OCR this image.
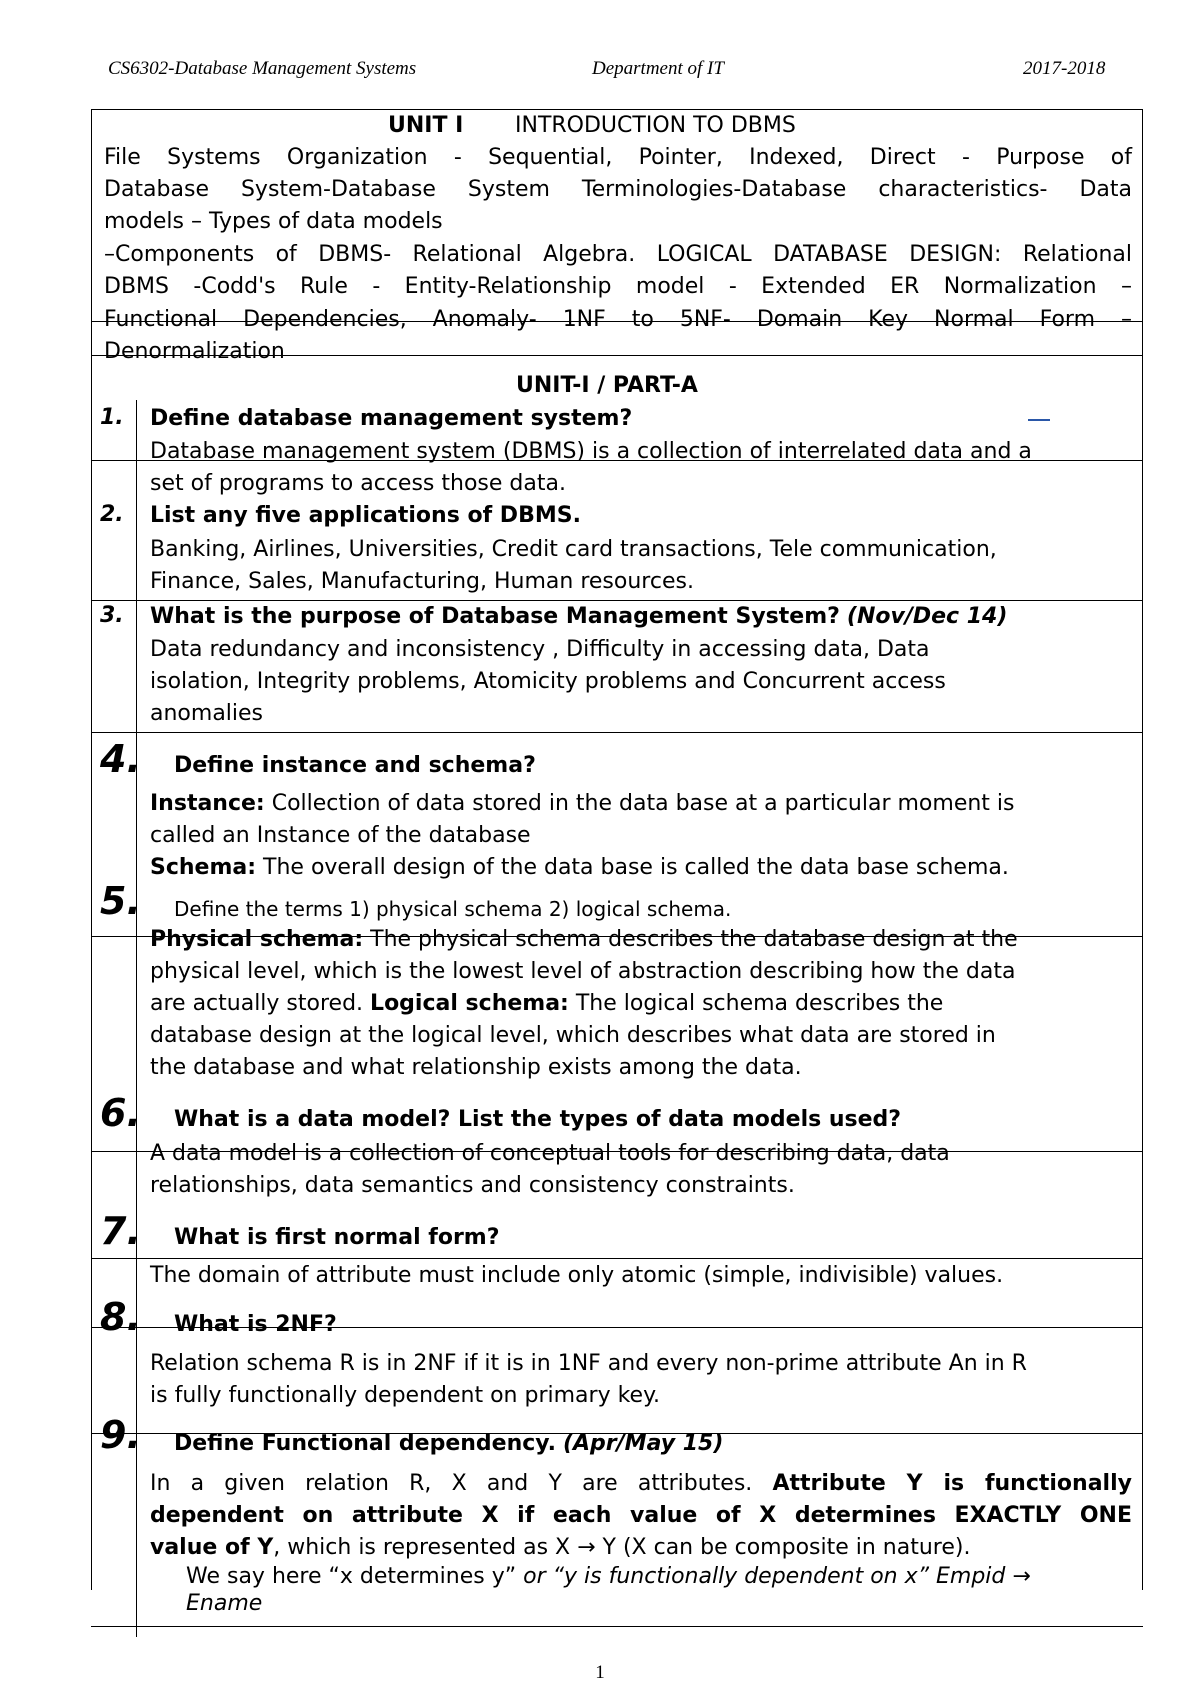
CS6302-Database Management Systems	Department of IT	2017-2018
UNIT I INTRODUCTION TO DBMS
File Systems Organization - Sequential, Pointer, Indexed, Direct - Purpose of
Database System-Database System Terminologies-Database characteristics- Data
models – Types of data models
–Components of DBMS- Relational Algebra. LOGICAL DATABASE DESIGN: Relational
DBMS -Codd's Rule - Entity-Relationship model - Extended ER Normalization –
Functional Dependencies, Anomaly- 1NF to 5NF- Domain Key Normal Form –
Denormalization
UNIT-I / PART-A
1. Define database management system?
Database management system (DBMS) is a collection of interrelated data and a
set of programs to access those data.
2. List any five applications of DBMS.
Banking, Airlines, Universities, Credit card transactions, Tele communication,
Finance, Sales, Manufacturing, Human resources.
3. What is the purpose of Database Management System? (Nov/Dec 14)
Data redundancy and inconsistency , Difficulty in accessing data, Data
isolation, Integrity problems, Atomicity problems and Concurrent access
anomalies
4. Define instance and schema?
Instance: Collection of data stored in the data base at a particular moment is
called an Instance of the database
Schema: The overall design of the data base is called the data base schema.
5. Define the terms 1) physical schema 2) logical schema.
Physical schema: The physical schema describes the database design at the
physical level, which is the lowest level of abstraction describing how the data
are actually stored. Logical schema: The logical schema describes the
database design at the logical level, which describes what data are stored in
the database and what relationship exists among the data.
6. What is a data model? List the types of data models used?
A data model is a collection of conceptual tools for describing data, data
relationships, data semantics and consistency constraints.
7. What is first normal form?
The domain of attribute must include only atomic (simple, indivisible) values.
8. What is 2NF?
Relation schema R is in 2NF if it is in 1NF and every non-prime attribute An in R
is fully functionally dependent on primary key.
9. Define Functional dependency. (Apr/May 15)
In a given relation R, X and Y are attributes. Attribute Y is functionally
dependent on attribute X if each value of X determines EXACTLY ONE
value of Y, which is represented as X → Y (X can be composite in nature).
We say here “x determines y” or “y is functionally dependent on x” Empid →
Ename
1
